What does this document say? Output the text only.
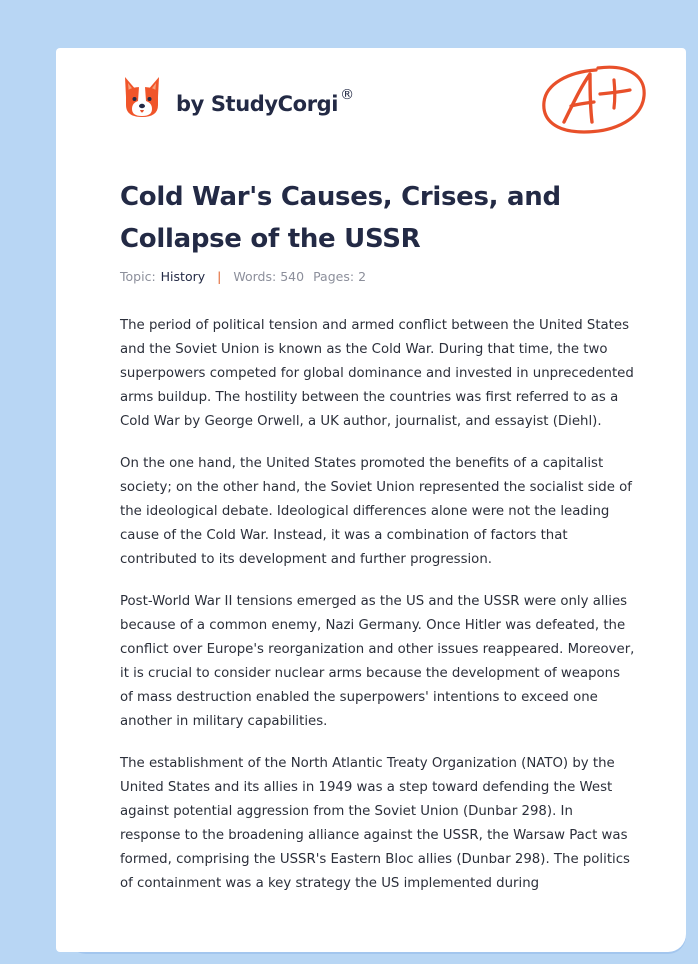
by StudyCorgi ®
Cold War's Causes, Crises, and Collapse of the USSR
Topic: History | Words: 540 Pages: 2

The period of political tension and armed conflict between the United States and the Soviet Union is known as the Cold War. During that time, the two superpowers competed for global dominance and invested in unprecedented arms buildup. The hostility between the countries was first referred to as a Cold War by George Orwell, a UK author, journalist, and essayist (Diehl).

On the one hand, the United States promoted the benefits of a capitalist society; on the other hand, the Soviet Union represented the socialist side of the ideological debate. Ideological differences alone were not the leading cause of the Cold War. Instead, it was a combination of factors that contributed to its development and further progression.

Post-World War II tensions emerged as the US and the USSR were only allies because of a common enemy, Nazi Germany. Once Hitler was defeated, the conflict over Europe's reorganization and other issues reappeared. Moreover, it is crucial to consider nuclear arms because the development of weapons of mass destruction enabled the superpowers' intentions to exceed one another in military capabilities.

The establishment of the North Atlantic Treaty Organization (NATO) by the United States and its allies in 1949 was a step toward defending the West against potential aggression from the Soviet Union (Dunbar 298). In response to the broadening alliance against the USSR, the Warsaw Pact was formed, comprising the USSR's Eastern Bloc allies (Dunbar 298). The politics of containment was a key strategy the US implemented during
